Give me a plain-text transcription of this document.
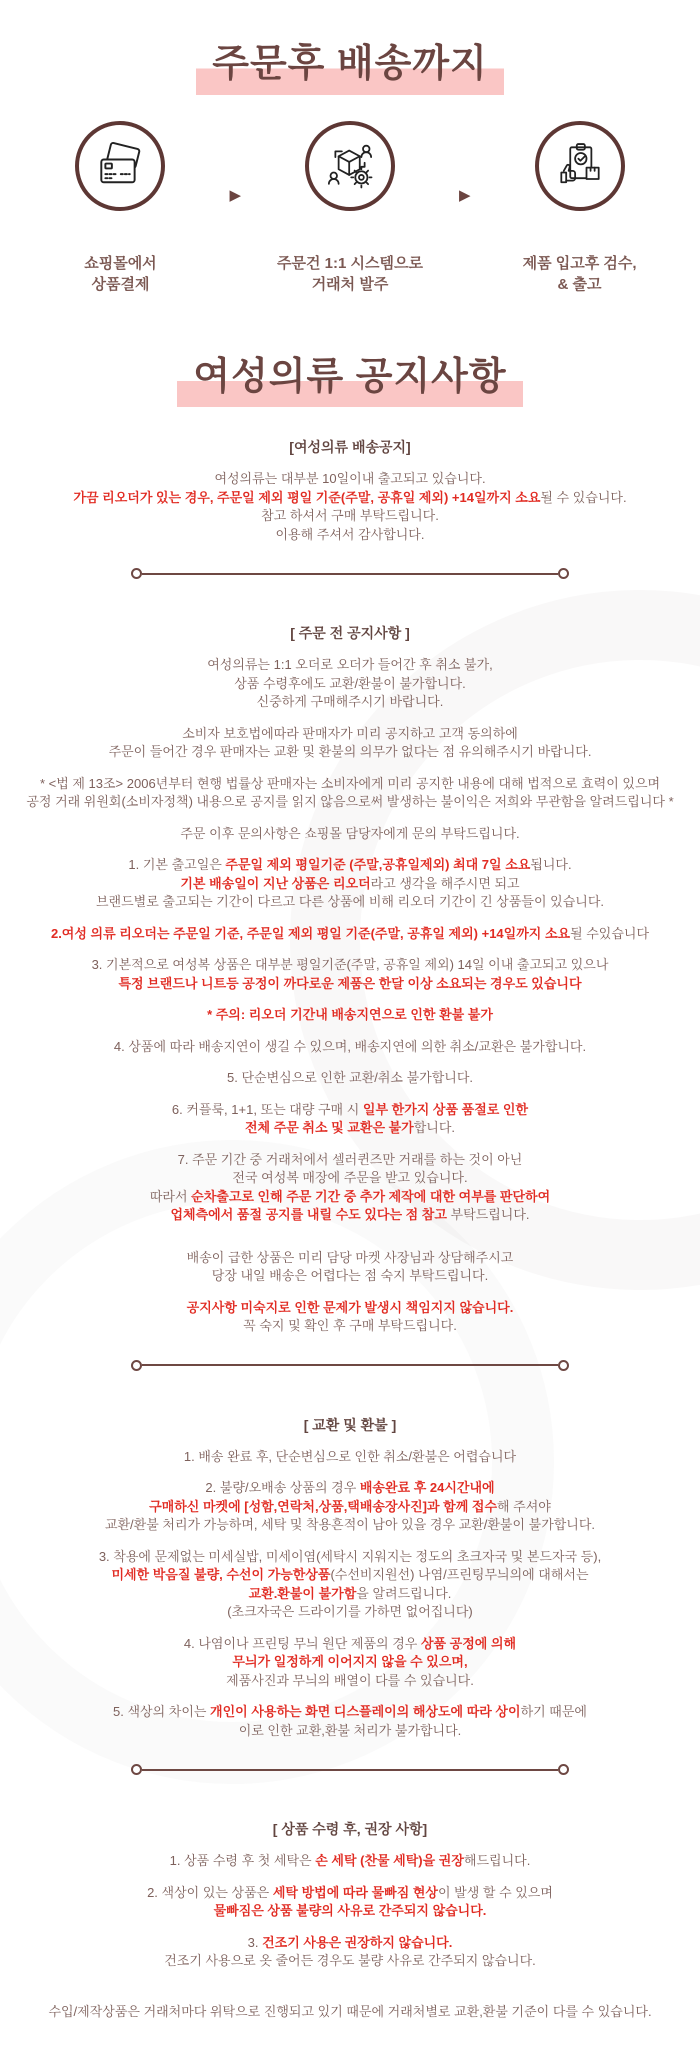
주문후 배송까지
쇼핑몰에서
상품결제
▶
주문건 1:1 시스템으로
거래처 발주
▶
제품 입고후 검수,
& 출고
여성의류 공지사항
[여성의류 배송공지]
여성의류는 대부분 10일이내 출고되고 있습니다.
가끔 리오더가 있는 경우, 주문일 제외 평일 기준(주말, 공휴일 제외) +14일까지 소요될 수 있습니다.
참고 하셔서 구매 부탁드립니다.
이용해 주셔서 감사합니다.
[ 주문 전 공지사항 ]
여성의류는 1:1 오더로 오더가 들어간 후 취소 불가,
상품 수령후에도 교환/환불이 불가합니다.
신중하게 구매해주시기 바랍니다.
소비자 보호법에따라 판매자가 미리 공지하고 고객 동의하에
주문이 들어간 경우 판매자는 교환 및 환불의 의무가 없다는 점 유의해주시기 바랍니다.
* <법 제 13조> 2006년부터 현행 법률상 판매자는 소비자에게 미리 공지한 내용에 대해 법적으로 효력이 있으며
공정 거래 위원회(소비자정책) 내용으로 공지를 읽지 않음으로써 발생하는 불이익은 저희와 무관함을 알려드립니다 *
주문 이후 문의사항은 쇼핑몰 담당자에게 문의 부탁드립니다.
1. 기본 출고일은 주문일 제외 평일기준 (주말,공휴일제외) 최대 7일 소요됩니다.
기본 배송일이 지난 상품은 리오더라고 생각을 해주시면 되고
브랜드별로 출고되는 기간이 다르고 다른 상품에 비해 리오더 기간이 긴 상품들이 있습니다.
2.여성 의류 리오더는 주문일 기준, 주문일 제외 평일 기준(주말, 공휴일 제외) +14일까지 소요될 수있습니다
3. 기본적으로 여성복 상품은 대부분 평일기준(주말, 공휴일 제외) 14일 이내 출고되고 있으나
특정 브랜드나 니트등 공정이 까다로운 제품은 한달 이상 소요되는 경우도 있습니다
* 주의: 리오더 기간내 배송지연으로 인한 환불 불가
4. 상품에 따라 배송지연이 생길 수 있으며, 배송지연에 의한 취소/교환은 불가합니다.
5. 단순변심으로 인한 교환/취소 불가합니다.
6. 커플룩, 1+1, 또는 대량 구매 시 일부 한가지 상품 품절로 인한
전체 주문 취소 및 교환은 불가합니다.
7. 주문 기간 중 거래처에서 셀러퀸즈만 거래를 하는 것이 아닌
전국 여성복 매장에 주문을 받고 있습니다.
따라서 순차출고로 인해 주문 기간 중 추가 제작에 대한 여부를 판단하여
업체측에서 품절 공지를 내릴 수도 있다는 점 참고 부탁드립니다.
배송이 급한 상품은 미리 담당 마켓 사장님과 상담해주시고
당장 내일 배송은 어렵다는 점 숙지 부탁드립니다.
공지사항 미숙지로 인한 문제가 발생시 책임지지 않습니다.
꼭 숙지 및 확인 후 구매 부탁드립니다.
[ 교환 및 환불 ]
1. 배송 완료 후, 단순변심으로 인한 취소/환불은 어렵습니다
2. 불량/오배송 상품의 경우 배송완료 후 24시간내에
구매하신 마켓에 [성함,연락처,상품,택배송장사진]과 함께 접수해 주셔야
교환/환불 처리가 가능하며, 세탁 및 착용흔적이 남아 있을 경우 교환/환불이 불가합니다.
3. 착용에 문제없는 미세실밥, 미세이염(세탁시 지워지는 정도의 초크자국 및 본드자국 등),
미세한 박음질 불량, 수선이 가능한상품(수선비지원선) 나염/프린팅무늬의에 대해서는
교환.환불이 불가함을 알려드립니다.
(초크자국은 드라이기를 가하면 없어집니다)
4. 나염이나 프린팅 무늬 원단 제품의 경우 상품 공정에 의해
무늬가 일정하게 이어지지 않을 수 있으며,
제품사진과 무늬의 배열이 다를 수 있습니다.
5. 색상의 차이는 개인이 사용하는 화면 디스플레이의 해상도에 따라 상이하기 때문에
이로 인한 교환,환불 처리가 불가합니다.
[ 상품 수령 후, 권장 사항]
1. 상품 수령 후 첫 세탁은 손 세탁 (찬물 세탁)을 권장해드립니다.
2. 색상이 있는 상품은 세탁 방법에 따라 물빠짐 현상이 발생 할 수 있으며
물빠짐은 상품 불량의 사유로 간주되지 않습니다.
3. 건조기 사용은 권장하지 않습니다.
건조기 사용으로 옷 줄어든 경우도 불량 사유로 간주되지 않습니다.

수입/제작상품은 거래처마다 위탁으로 진행되고 있기 때문에 거래처별로 교환,환불 기준이 다를 수 있습니다.
